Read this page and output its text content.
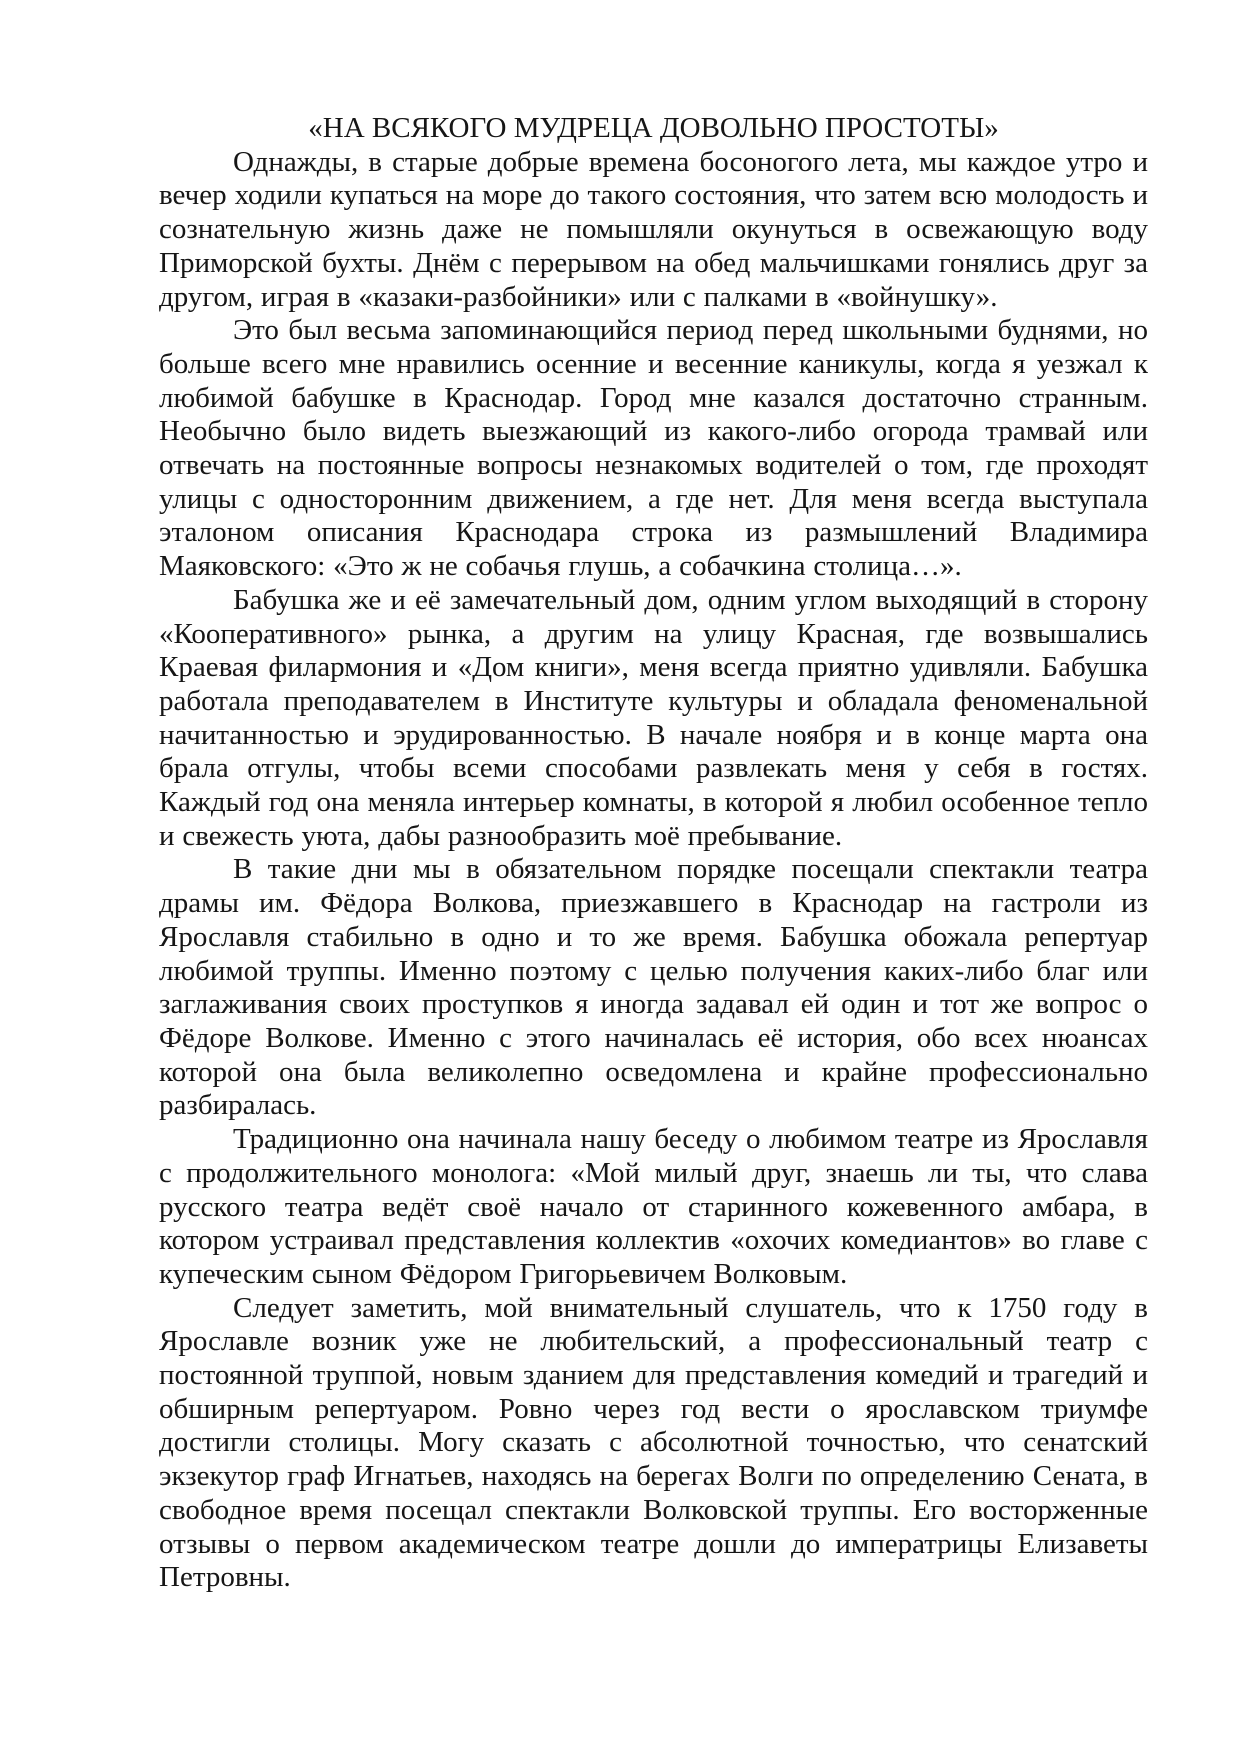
«НА ВСЯКОГО МУДРЕЦА ДОВОЛЬНО ПРОСТОТЫ»

Однажды, в старые добрые времена босоногого лета, мы каждое утро и вечер ходили купаться на море до такого состояния, что затем всю молодость и сознательную жизнь даже не помышляли окунуться в освежающую воду Приморской бухты. Днём с перерывом на обед мальчишками гонялись друг за другом, играя в «казаки-разбойники» или с палками в «войнушку».

Это был весьма запоминающийся период перед школьными буднями, но больше всего мне нравились осенние и весенние каникулы, когда я уезжал к любимой бабушке в Краснодар. Город мне казался достаточно странным. Необычно было видеть выезжающий из какого-либо огорода трамвай или отвечать на постоянные вопросы незнакомых водителей о том, где проходят улицы с односторонним движением, а где нет. Для меня всегда выступала эталоном описания Краснодара строка из размышлений Владимира Маяковского: «Это ж не собачья глушь, а собачкина столица…».

Бабушка же и её замечательный дом, одним углом выходящий в сторону «Кооперативного» рынка, а другим на улицу Красная, где возвышались Краевая филармония и «Дом книги», меня всегда приятно удивляли. Бабушка работала преподавателем в Институте культуры и обладала феноменальной начитанностью и эрудированностью. В начале ноября и в конце марта она брала отгулы, чтобы всеми способами развлекать меня у себя в гостях. Каждый год она меняла интерьер комнаты, в которой я любил особенное тепло и свежесть уюта, дабы разнообразить моё пребывание.

В такие дни мы в обязательном порядке посещали спектакли театра драмы им. Фёдора Волкова, приезжавшего в Краснодар на гастроли из Ярославля стабильно в одно и то же время. Бабушка обожала репертуар любимой труппы. Именно поэтому с целью получения каких-либо благ или заглаживания своих проступков я иногда задавал ей один и тот же вопрос о Фёдоре Волкове. Именно с этого начиналась её история, обо всех нюансах которой она была великолепно осведомлена и крайне профессионально разбиралась.

Традиционно она начинала нашу беседу о любимом театре из Ярославля с продолжительного монолога: «Мой милый друг, знаешь ли ты, что слава русского театра ведёт своё начало от старинного кожевенного амбара, в котором устраивал представления коллектив «охочих комедиантов» во главе с купеческим сыном Фёдором Григорьевичем Волковым.

Следует заметить, мой внимательный слушатель, что к 1750 году в Ярославле возник уже не любительский, а профессиональный театр с постоянной труппой, новым зданием для представления комедий и трагедий и обширным репертуаром. Ровно через год вести о ярославском триумфе достигли столицы. Могу сказать с абсолютной точностью, что сенатский экзекутор граф Игнатьев, находясь на берегах Волги по определению Сената, в свободное время посещал спектакли Волковской труппы. Его восторженные отзывы о первом академическом театре дошли до императрицы Елизаветы Петровны.
